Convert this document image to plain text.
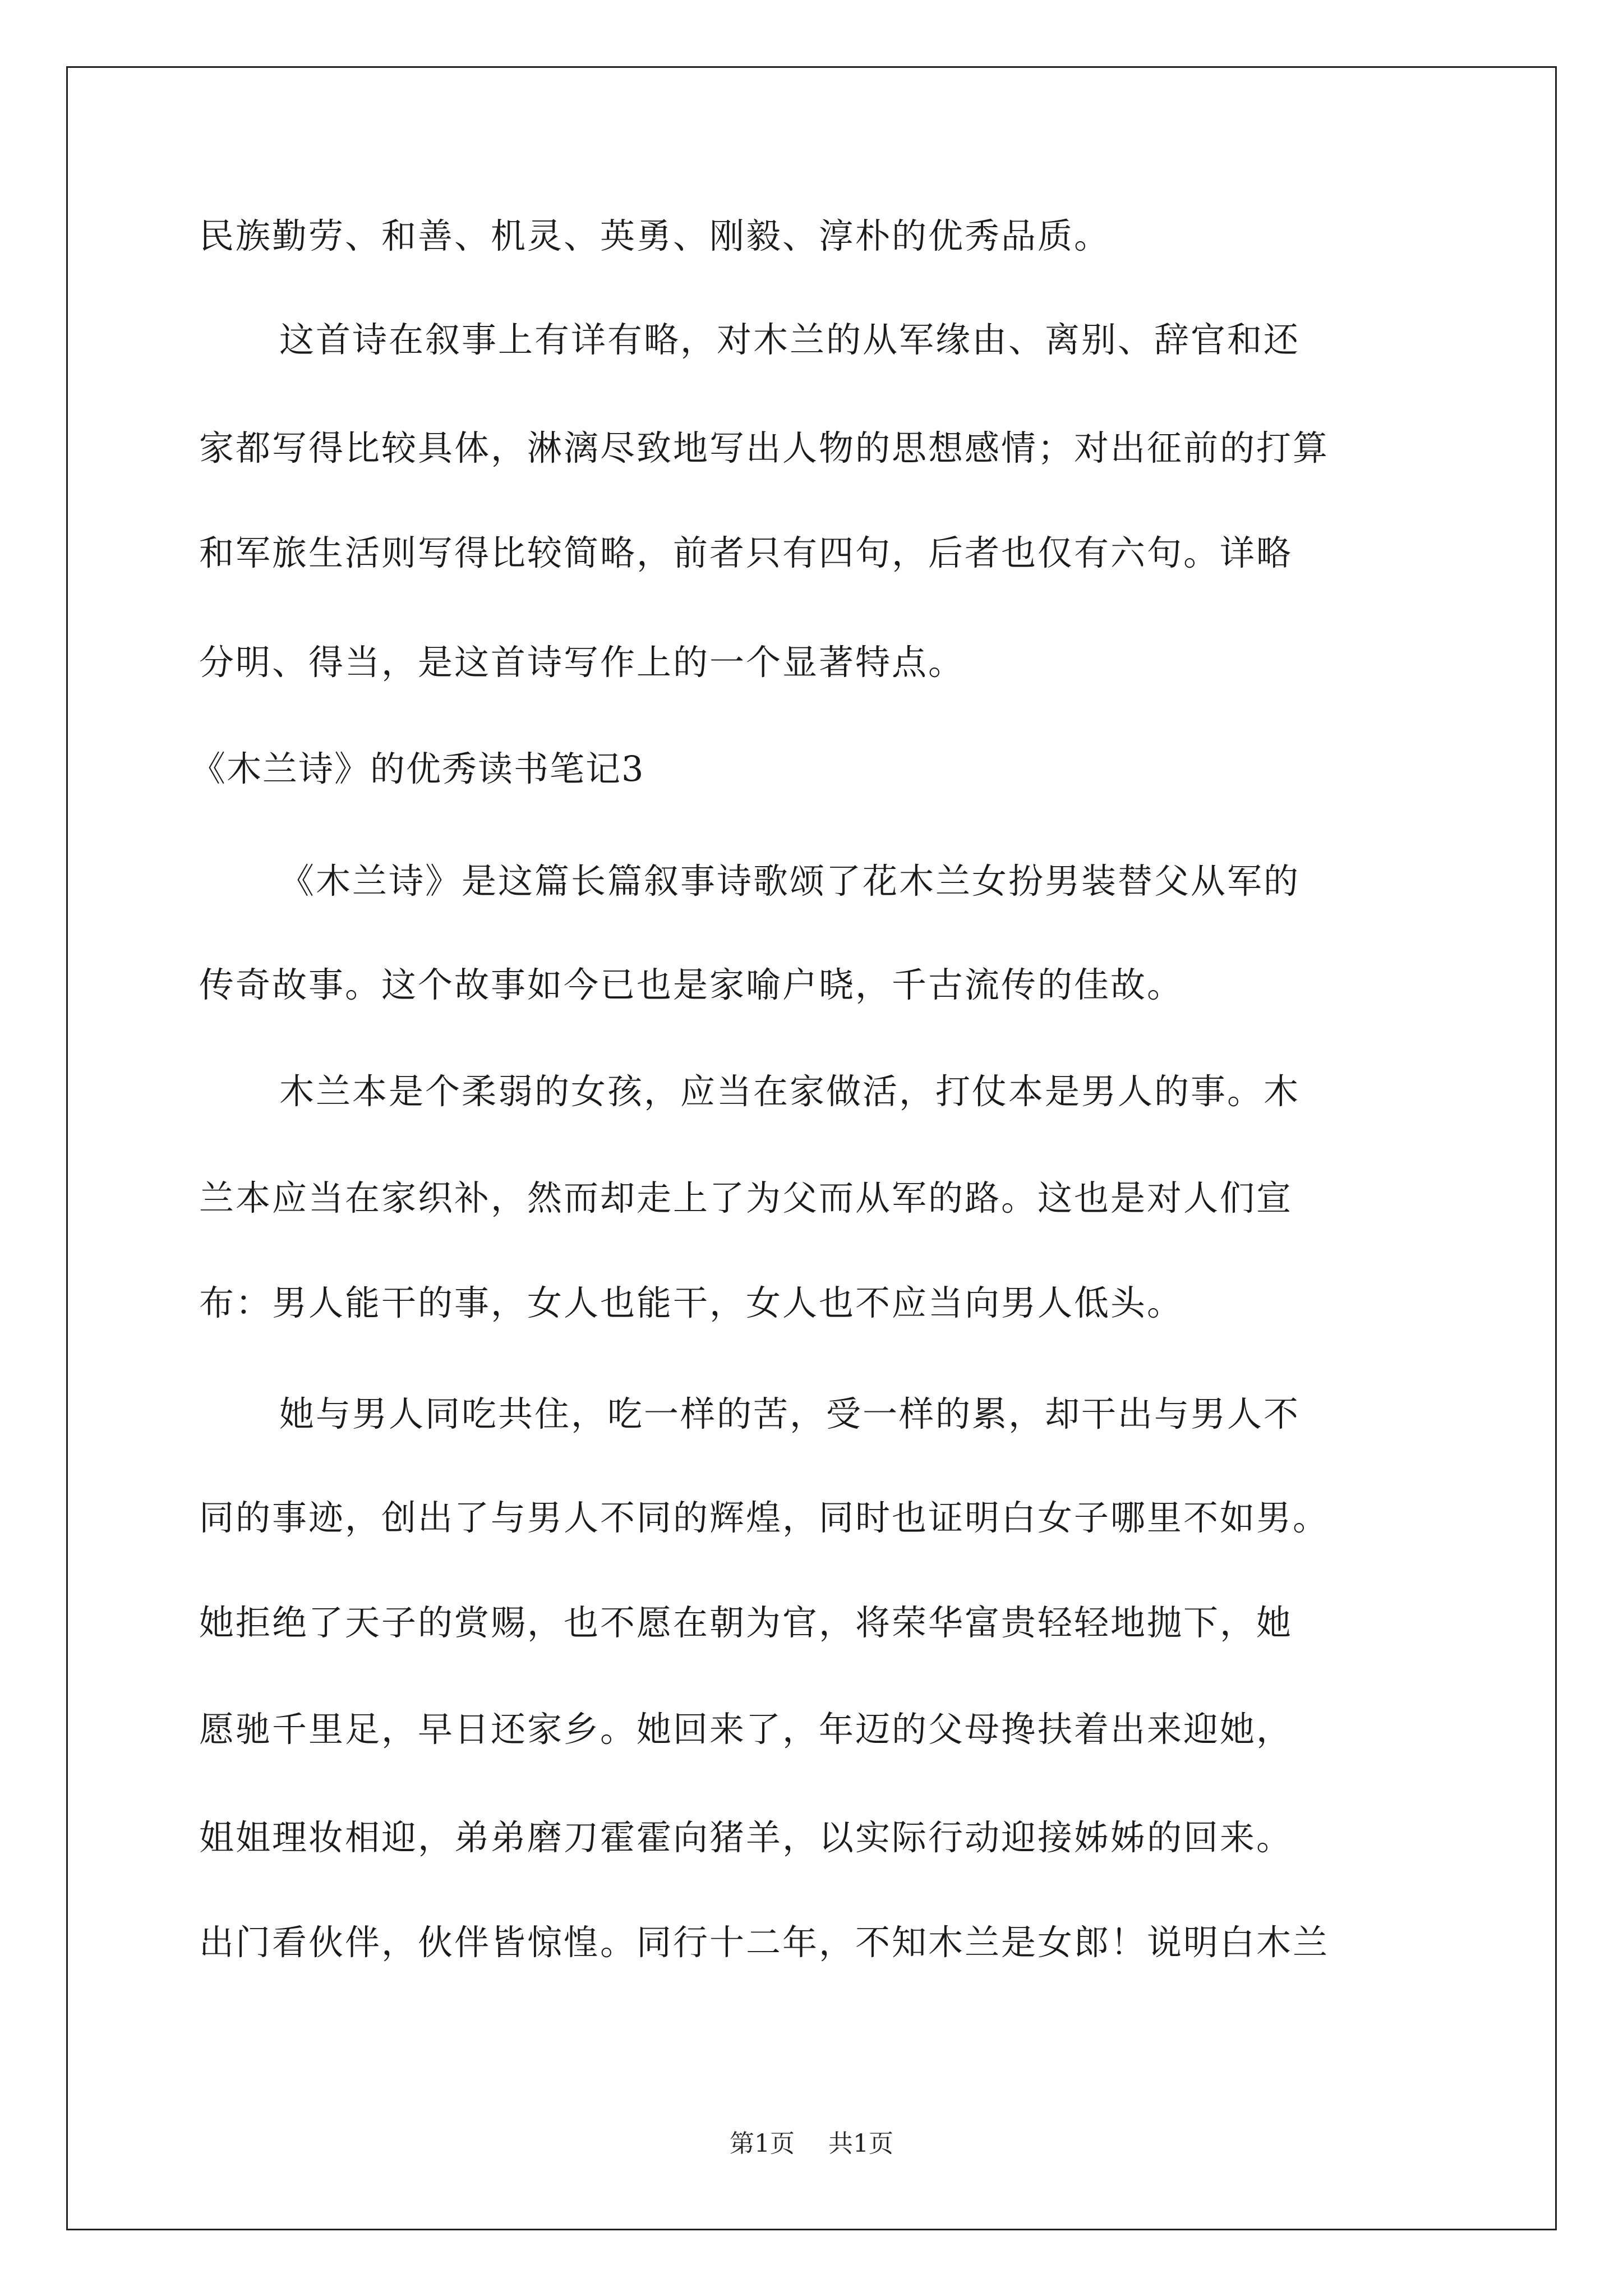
民族勤劳、和善、机灵、英勇、刚毅、淳朴的优秀品质。
这首诗在叙事上有详有略，对木兰的从军缘由、离别、辞官和还
家都写得比较具体，淋漓尽致地写出人物的思想感情；对出征前的打算
和军旅生活则写得比较简略，前者只有四句，后者也仅有六句。详略
分明、得当，是这首诗写作上的一个显著特点。
《木兰诗》的优秀读书笔记3
《木兰诗》是这篇长篇叙事诗歌颂了花木兰女扮男装替父从军的
传奇故事。这个故事如今已也是家喻户晓，千古流传的佳故。
木兰本是个柔弱的女孩，应当在家做活，打仗本是男人的事。木
兰本应当在家织补，然而却走上了为父而从军的路。这也是对人们宣
布：男人能干的事，女人也能干，女人也不应当向男人低头。
她与男人同吃共住，吃一样的苦，受一样的累，却干出与男人不
同的事迹，创出了与男人不同的辉煌，同时也证明白女子哪里不如男。
她拒绝了天子的赏赐，也不愿在朝为官，将荣华富贵轻轻地抛下，她
愿驰千里足，早日还家乡。她回来了，年迈的父母搀扶着出来迎她，
姐姐理妆相迎，弟弟磨刀霍霍向猪羊，以实际行动迎接姊姊的回来。
出门看伙伴，伙伴皆惊惶。同行十二年，不知木兰是女郎！说明白木兰
第1页 共1页
